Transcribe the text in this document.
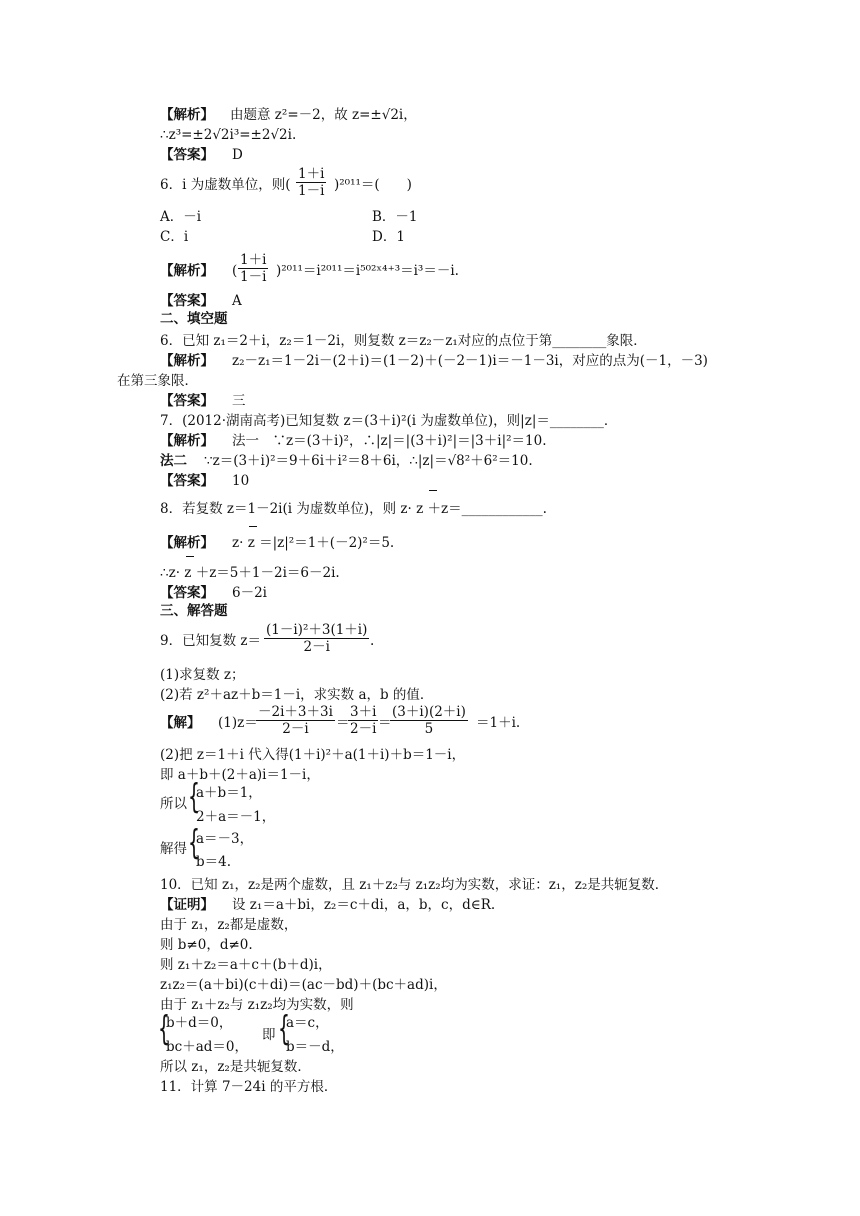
【解析】 由题意 z²=－2，故 z=±√2i，
∴z³=±2√2i³=±2√2i.
【答案】 D
6．i 为虚数单位，则( $\frac{1+i}{1-i} )^{2011}=$(　　)
A．－i	B．－1
C．i	D．1
【解析】 ( $\frac{1+i}{1-i}$ )²⁰¹¹＝i²⁰¹¹＝i⁵⁰²ˣ⁴⁺³＝i³＝－i.
【答案】 A
二、填空题
6．已知 z₁＝2＋i，z₂＝1－2i，则复数 z＝z₂－z₁对应的点位于第________象限．
【解析】 z₂－z₁＝1－2i－(2＋i)＝(1－2)＋(－2－1)i＝－1－3i，对应的点为(－1，－3)
在第三象限．
【答案】 三
7．(2012·湖南高考)已知复数 z＝(3＋i)²(i 为虚数单位)，则|z|＝________．
【解析】 法一　∵z＝(3＋i)²，∴|z|＝|(3＋i)²|＝|3＋i|²＝10.
法二 ∵z＝(3＋i)²＝9＋6i＋i²＝8＋6i，∴|z|＝√8²＋6²＝10.
【答案】 10
8．若复数 z＝1－2i(i 为虚数单位)，则 z· z ＋z＝____________.
【解析】 z· z ＝|z|²＝1＋(－2)²＝5.
∴z· z ＋z＝5＋1－2i＝6－2i.
【答案】 6－2i
三、解答题
9．已知复数 $z= \frac{\text{(1－i)²＋3(1＋i)}}{2-i}$ .
(1)求复数 z；
(2)若 z²＋az＋b＝1－i，求实数 a，b 的值．
【解】 (1)z＝
$\frac{-2i+3+3i}{2-i}$ ＝
$\frac{3+i}{2-i}$ ＝
$\frac{(3+i)(2+i)}{5} =1+i$.
(2)把 z＝1＋i 代入得(1＋i)²＋a(1＋i)＋b＝1－i，
即 a＋b＋(2＋a)i＝1－i，
所以 {
a＋b＝1，
2＋a＝－1，
解得 {
a＝－3，
b＝4.
10．已知 z₁，z₂是两个虚数，且 z₁＋z₂与 z₁z₂均为实数，求证：z₁，z₂是共轭复数．
【证明】 设 z₁＝a＋bi，z₂＝c＋di，a，b，c，d∈R.
由于 z₁，z₂都是虚数，
则 b≠0，d≠0.
则 z₁＋z₂＝a＋c＋(b＋d)i，
z₁z₂＝(a＋bi)(c＋di)＝(ac－bd)＋(bc＋ad)i，
由于 z₁＋z₂与 z₁z₂均为实数，则
{
b＋d＝0，
bc＋ad＝0，
即 {
a＝c，
b＝－d，
所以 z₁，z₂是共轭复数．
11．计算 7－24i 的平方根．
